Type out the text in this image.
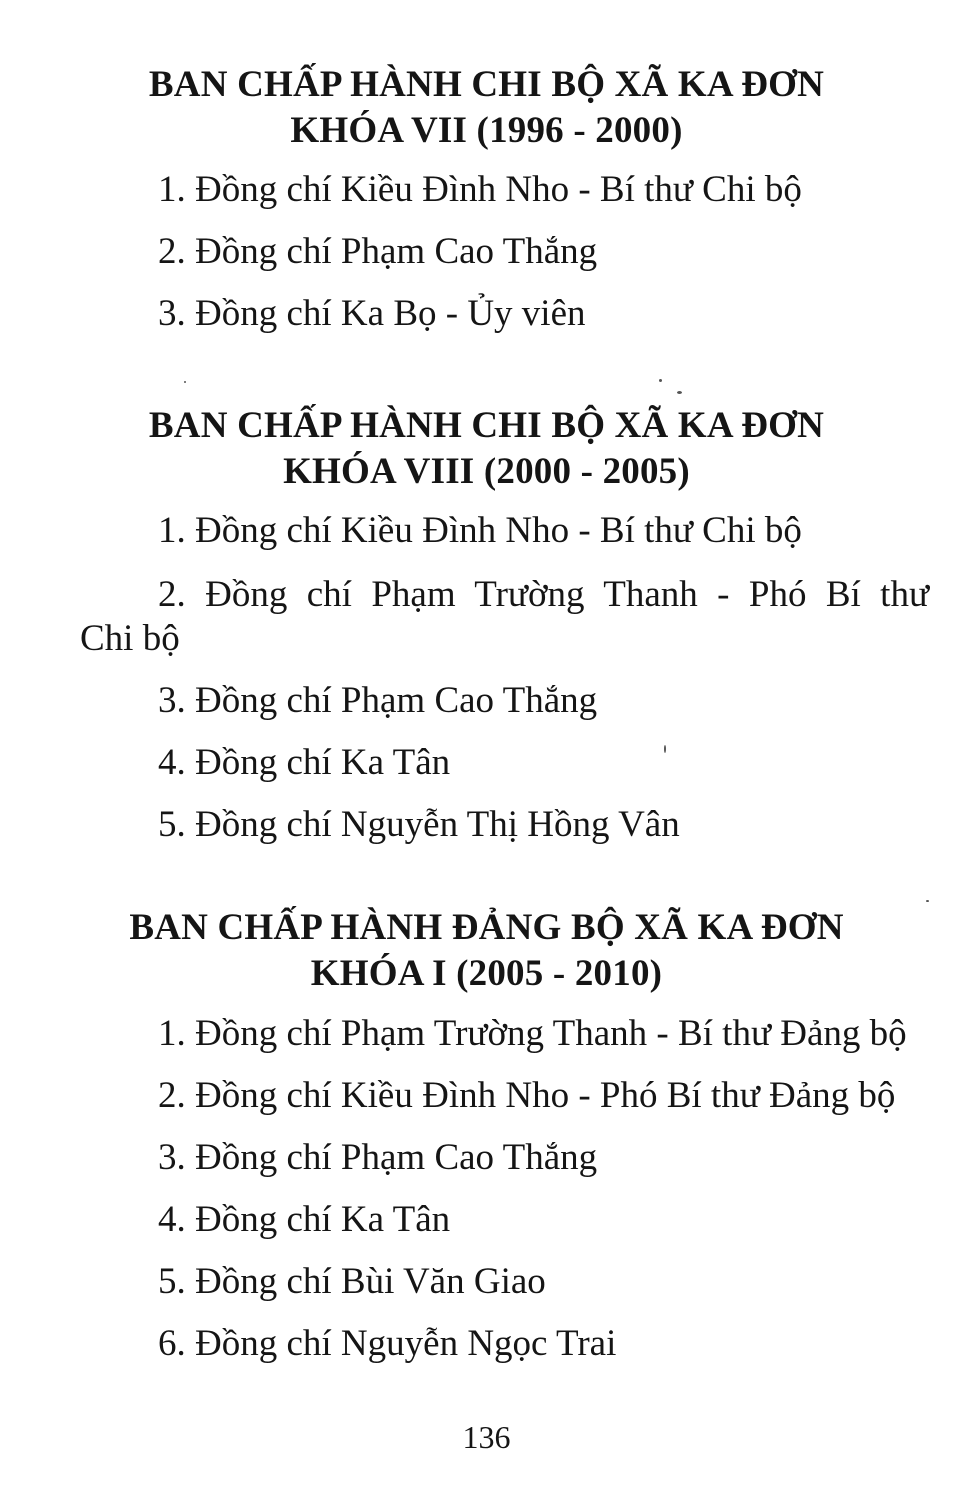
BAN CHẤP HÀNH CHI BỘ XÃ KA ĐƠN
KHÓA VII (1996 - 2000)
1. Đồng chí Kiều Đình Nho - Bí thư Chi bộ
2. Đồng chí Phạm Cao Thắng
3. Đồng chí Ka Bọ - Ủy viên
BAN CHẤP HÀNH CHI BỘ XÃ KA ĐƠN
KHÓA VIII (2000 - 2005)
1. Đồng chí Kiều Đình Nho - Bí thư Chi bộ
2. Đồng chí Phạm Trường Thanh - Phó Bí thư
Chi bộ
3. Đồng chí Phạm Cao Thắng
4. Đồng chí Ka Tân
5. Đồng chí Nguyễn Thị Hồng Vân
BAN CHẤP HÀNH ĐẢNG BỘ XÃ KA ĐƠN
KHÓA I (2005 - 2010)
1. Đồng chí Phạm Trường Thanh - Bí thư Đảng bộ
2. Đồng chí Kiều Đình Nho - Phó Bí thư Đảng bộ
3. Đồng chí Phạm Cao Thắng
4. Đồng chí Ka Tân
5. Đồng chí Bùi Văn Giao
6. Đồng chí Nguyễn Ngọc Trai
136
